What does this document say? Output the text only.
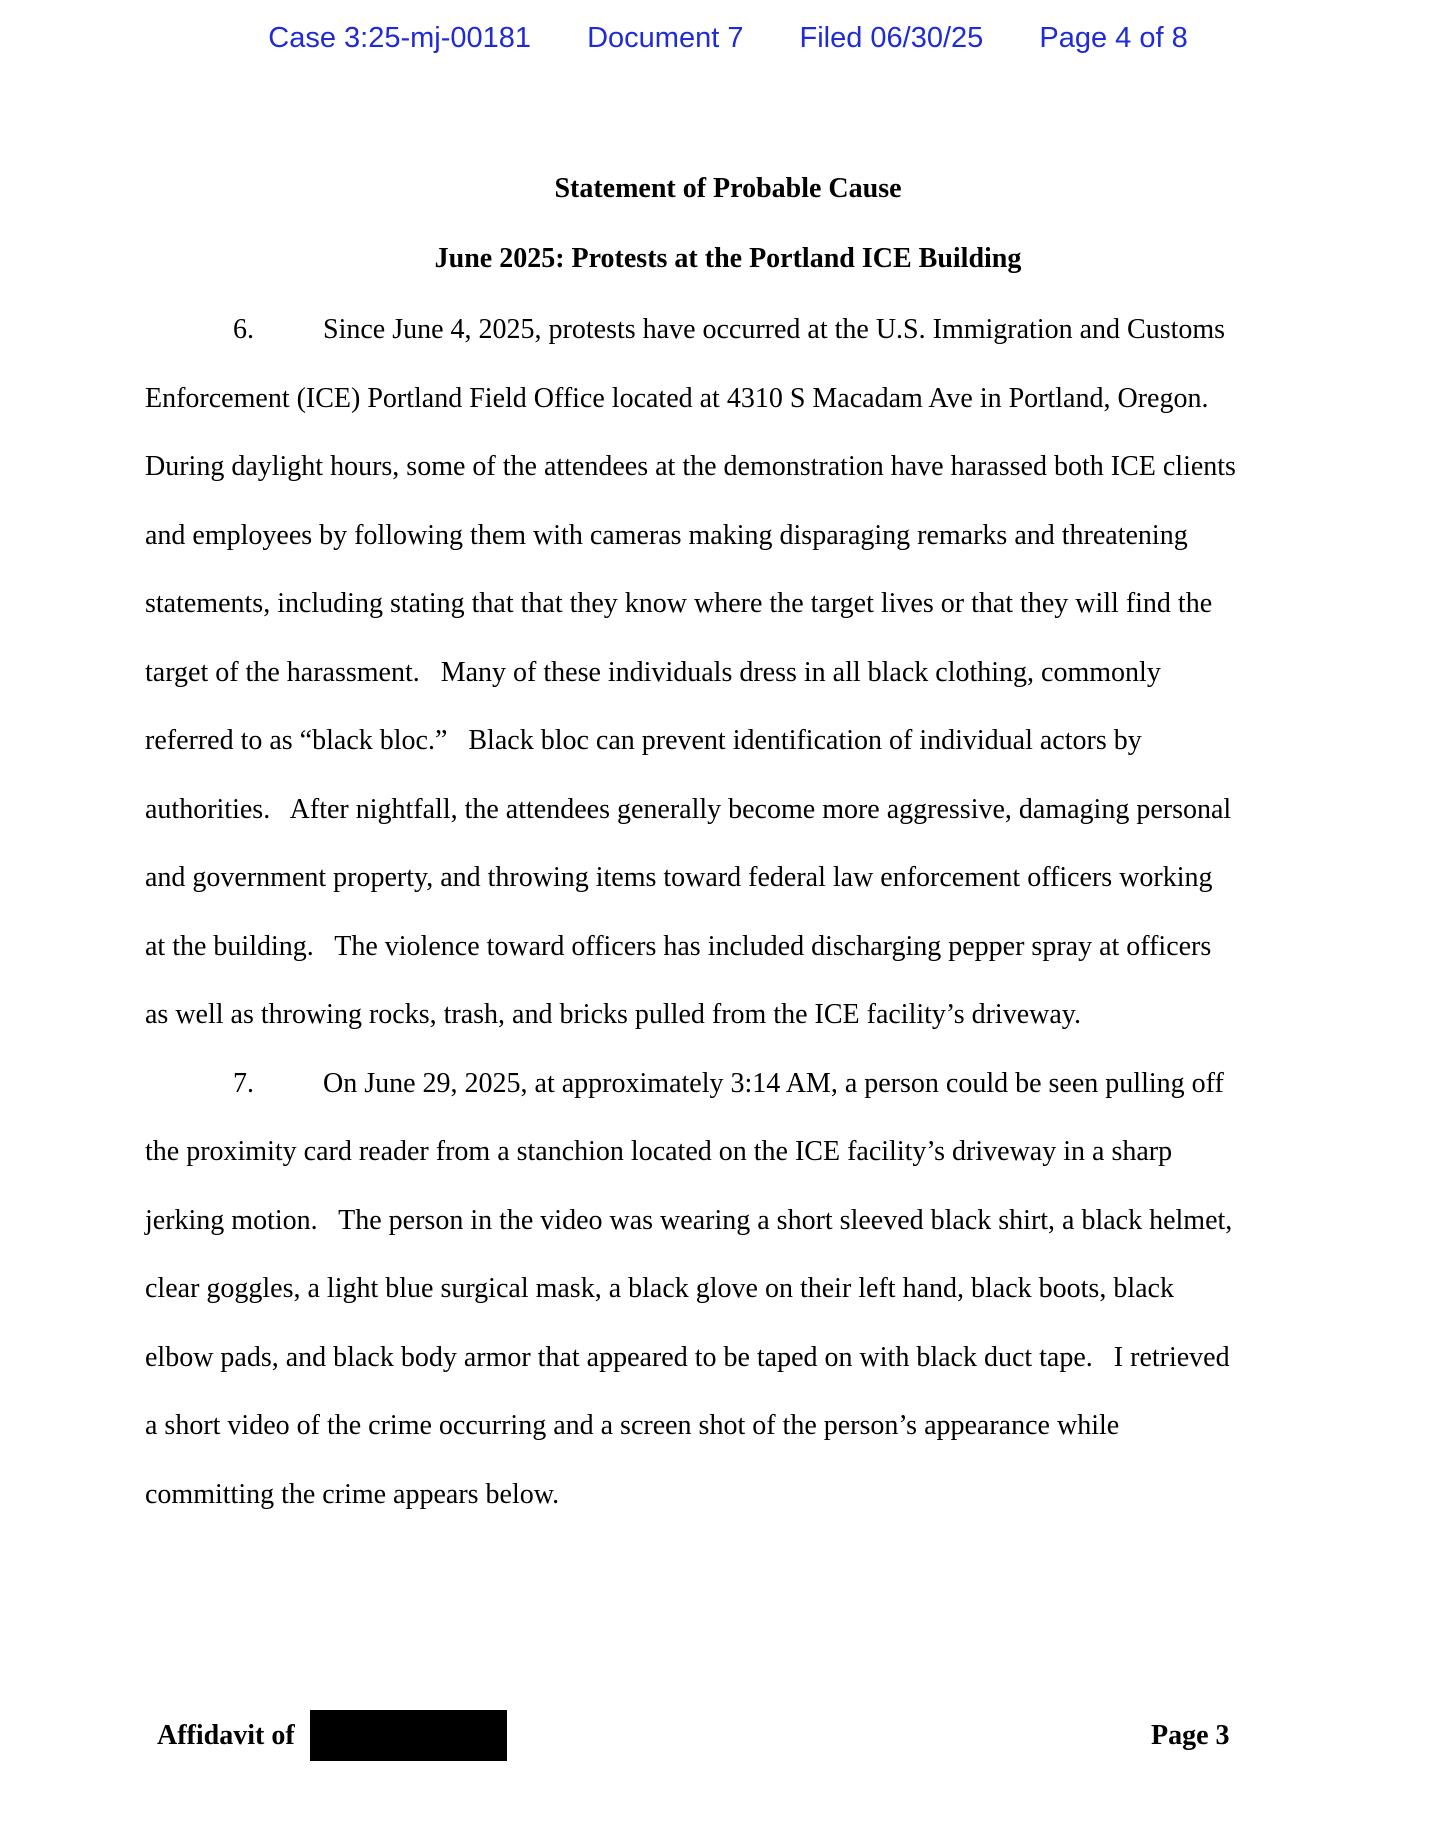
Case 3:25-mj-00181 Document 7 Filed 06/30/25 Page 4 of 8
Statement of Probable Cause
June 2025: Protests at the Portland ICE Building
6. Since June 4, 2025, protests have occurred at the U.S. Immigration and Customs
Enforcement (ICE) Portland Field Office located at 4310 S Macadam Ave in Portland, Oregon.
During daylight hours, some of the attendees at the demonstration have harassed both ICE clients
and employees by following them with cameras making disparaging remarks and threatening
statements, including stating that that they know where the target lives or that they will find the
target of the harassment.   Many of these individuals dress in all black clothing, commonly
referred to as “black bloc.”   Black bloc can prevent identification of individual actors by
authorities.   After nightfall, the attendees generally become more aggressive, damaging personal
and government property, and throwing items toward federal law enforcement officers working
at the building.   The violence toward officers has included discharging pepper spray at officers
as well as throwing rocks, trash, and bricks pulled from the ICE facility’s driveway.
7. On June 29, 2025, at approximately 3:14 AM, a person could be seen pulling off
the proximity card reader from a stanchion located on the ICE facility’s driveway in a sharp
jerking motion.   The person in the video was wearing a short sleeved black shirt, a black helmet,
clear goggles, a light blue surgical mask, a black glove on their left hand, black boots, black
elbow pads, and black body armor that appeared to be taped on with black duct tape.   I retrieved
a short video of the crime occurring and a screen shot of the person’s appearance while
committing the crime appears below.
Affidavit of	Page 3
